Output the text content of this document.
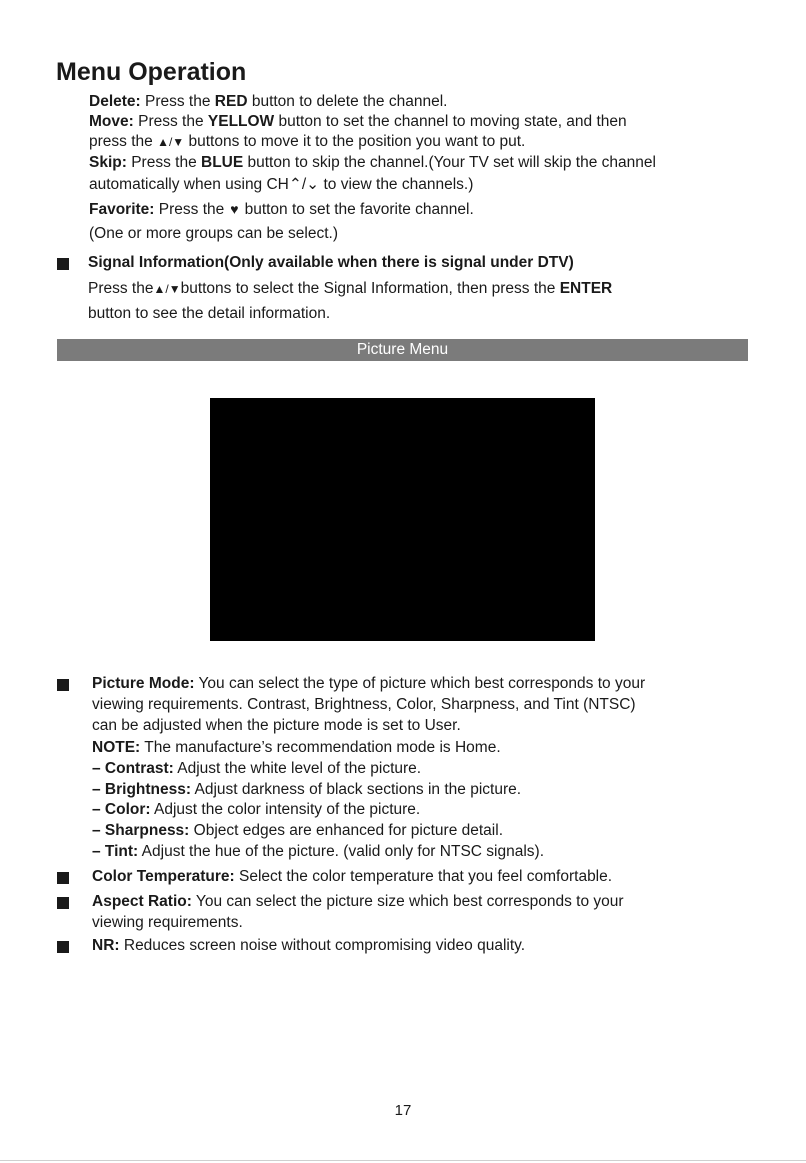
Menu Operation
Delete: Press the RED button to delete the channel.
Move: Press the YELLOW button to set the channel to moving state, and then
press the ▲/▼ buttons to move it to the position you want to put.
Skip: Press the BLUE button to skip the channel.(Your TV set will skip the channel
automatically when using CH⌃/⌄ to view the channels.)
Favorite: Press the ♥ button to set the favorite channel.
(One or more groups can be select.)
Signal Information(Only available when there is signal under DTV)
Press the▲/▼buttons to select the Signal Information, then press the ENTER
button to see the detail information.
Picture Menu
Picture Mode: You can select the type of picture which best corresponds to your
viewing requirements. Contrast, Brightness, Color, Sharpness, and Tint (NTSC)
can be adjusted when the picture mode is set to User.
NOTE: The manufacture’s recommendation mode is Home.
– Contrast: Adjust the white level of the picture.
– Brightness: Adjust darkness of black sections in the picture.
– Color: Adjust the color intensity of the picture.
– Sharpness: Object edges are enhanced for picture detail.
– Tint: Adjust the hue of the picture. (valid only for NTSC signals).
Color Temperature: Select the color temperature that you feel comfortable.
Aspect Ratio: You can select the picture size which best corresponds to your
viewing requirements.
NR: Reduces screen noise without compromising video quality.
17
